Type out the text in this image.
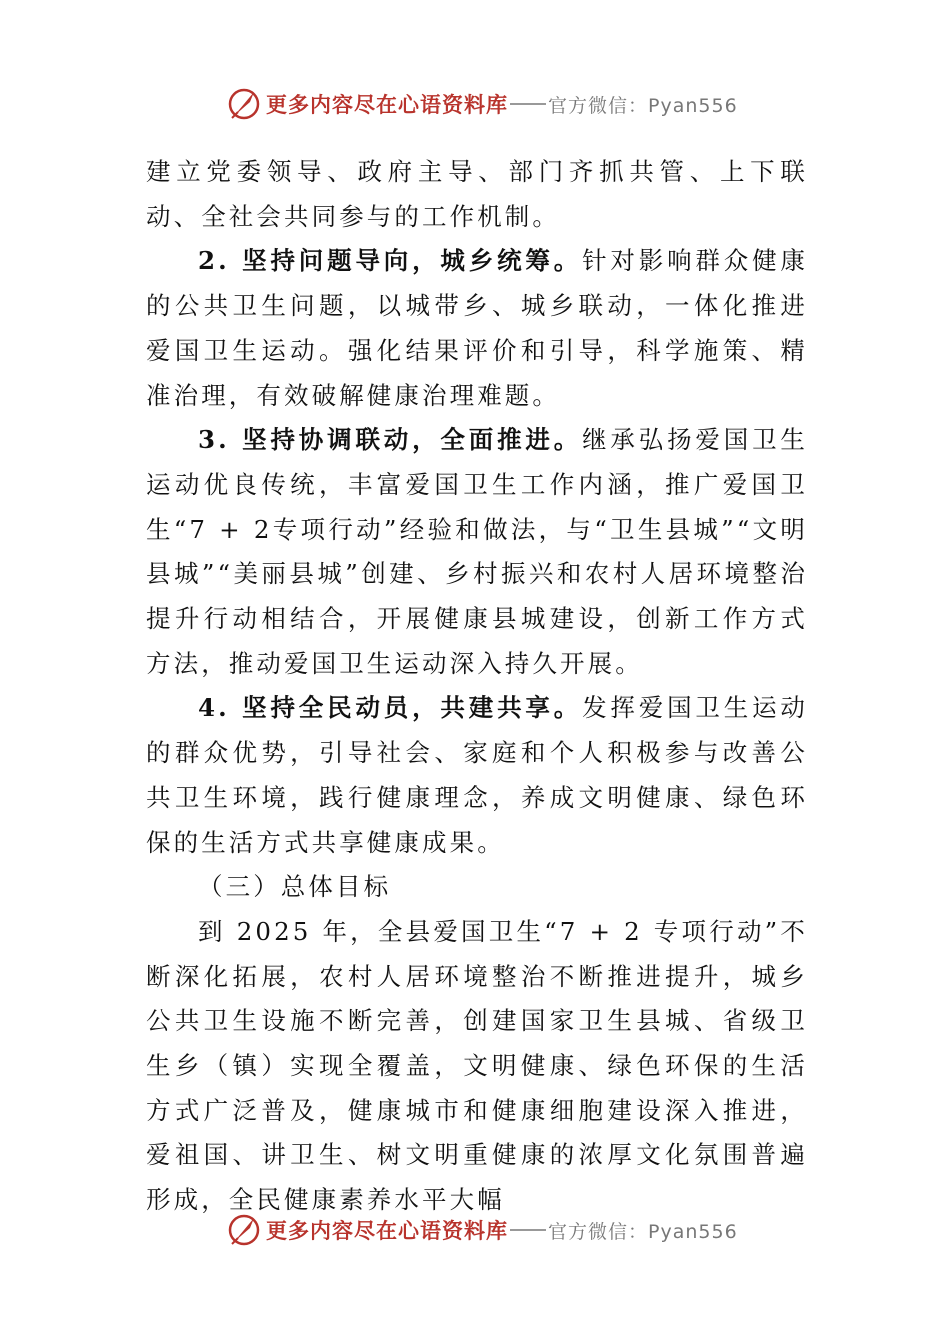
更多内容尽在心语资料库 官方微信：Pyan556

建立党委领导、政府主导、部门齐抓共管、上下联动、全社会共同参与的工作机制。

2. 坚持问题导向，城乡统筹。针对影响群众健康的公共卫生问题，以城带乡、城乡联动，一体化推进爱国卫生运动。强化结果评价和引导，科学施策、精准治理，有效破解健康治理难题。

3. 坚持协调联动，全面推进。继承弘扬爱国卫生运动优良传统，丰富爱国卫生工作内涵，推广爱国卫生“7 + 2专项行动”经验和做法，与“卫生县城”“文明县城”“美丽县城”创建、乡村振兴和农村人居环境整治提升行动相结合，开展健康县城建设，创新工作方式方法，推动爱国卫生运动深入持久开展。

4. 坚持全民动员，共建共享。发挥爱国卫生运动的群众优势，引导社会、家庭和个人积极参与改善公共卫生环境，践行健康理念，养成文明健康、绿色环保的生活方式共享健康成果。

（三）总体目标

到 2025 年，全县爱国卫生“7 + 2 专项行动”不断深化拓展，农村人居环境整治不断推进提升，城乡公共卫生设施不断完善，创建国家卫生县城、省级卫生乡（镇）实现全覆盖，文明健康、绿色环保的生活方式广泛普及，健康城市和健康细胞建设深入推进，爱祖国、讲卫生、树文明重健康的浓厚文化氛围普遍形成，全民健康素养水平大幅

更多内容尽在心语资料库 官方微信：Pyan556
